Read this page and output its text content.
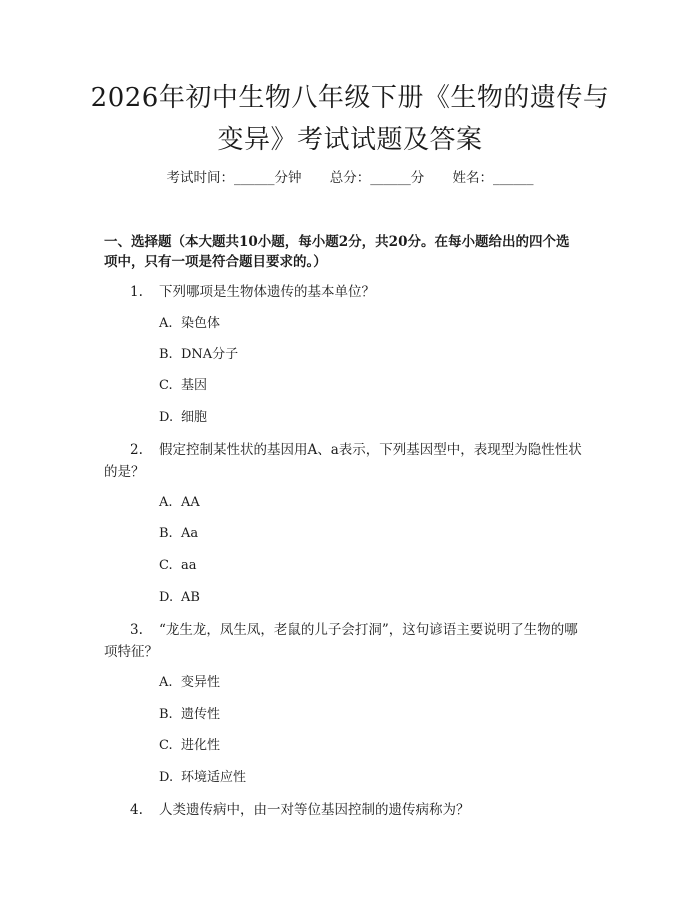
2026年初中生物八年级下册《生物的遗传与
变异》考试试题及答案
考试时间：______分钟 总分：______分 姓名：______
一、选择题（本大题共10小题，每小题2分，共20分。在每小题给出的四个选
项中，只有一项是符合题目要求的。）
1.	下列哪项是生物体遗传的基本单位？
A. 染色体
B. DNA分子
C. 基因
D. 细胞
2.	假定控制某性状的基因用A、a表示，下列基因型中，表现型为隐性性状
的是？
A. AA
B. Aa
C. aa
D. AB
3.	“龙生龙，凤生凤，老鼠的儿子会打洞”，这句谚语主要说明了生物的哪
项特征？
A. 变异性
B. 遗传性
C. 进化性
D. 环境适应性
4.	人类遗传病中，由一对等位基因控制的遗传病称为？
